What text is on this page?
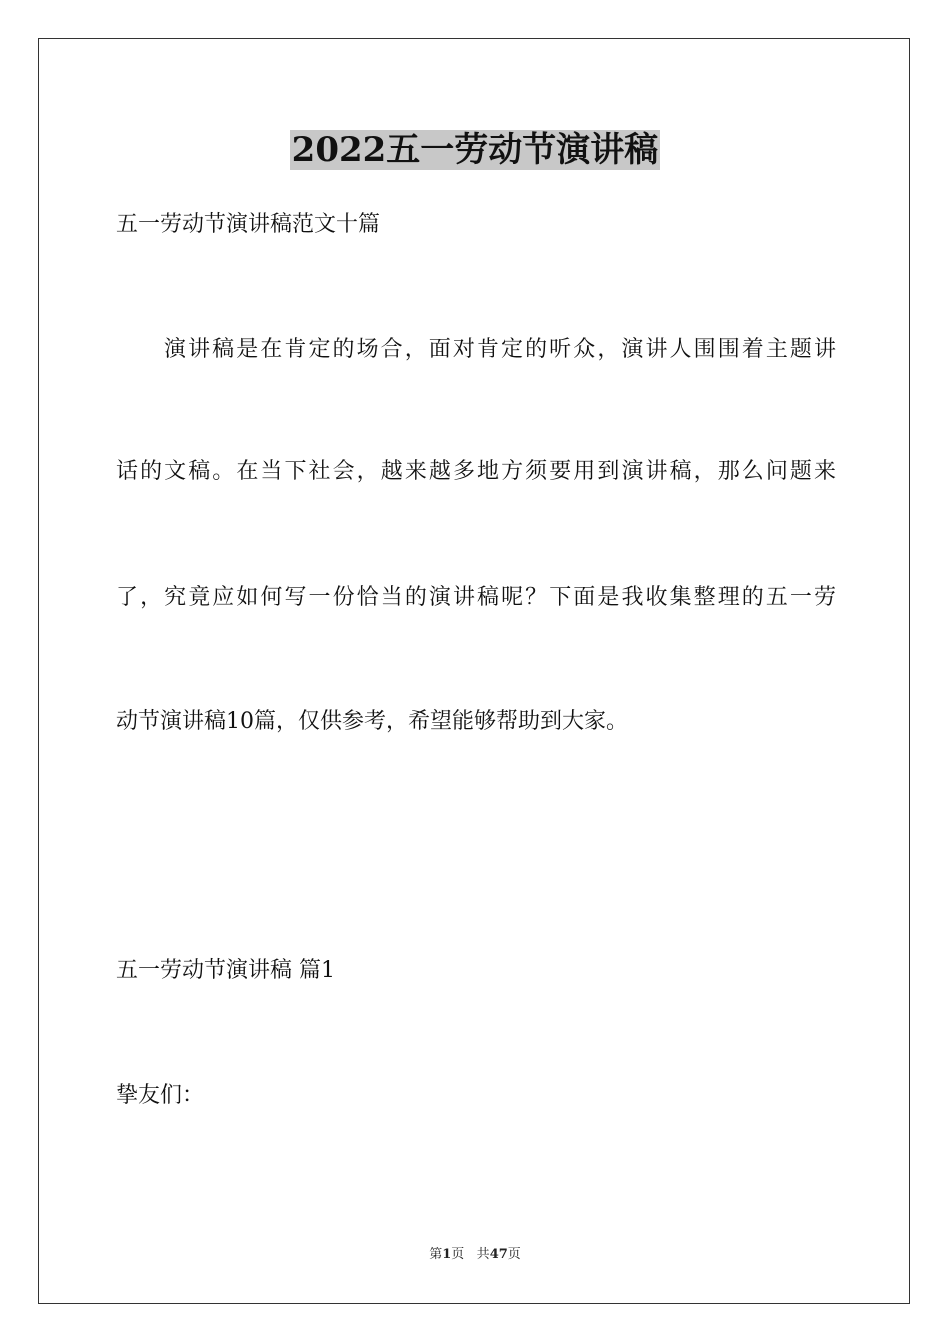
2022五一劳动节演讲稿
五一劳动节演讲稿范文十篇
演讲稿是在肯定的场合，面对肯定的听众，演讲人围围着主题讲
话的文稿。在当下社会，越来越多地方须要用到演讲稿，那么问题来
了，究竟应如何写一份恰当的演讲稿呢？下面是我收集整理的五一劳
动节演讲稿10篇，仅供参考，希望能够帮助到大家。
五一劳动节演讲稿 篇1
挚友们：
第1页 共47页
